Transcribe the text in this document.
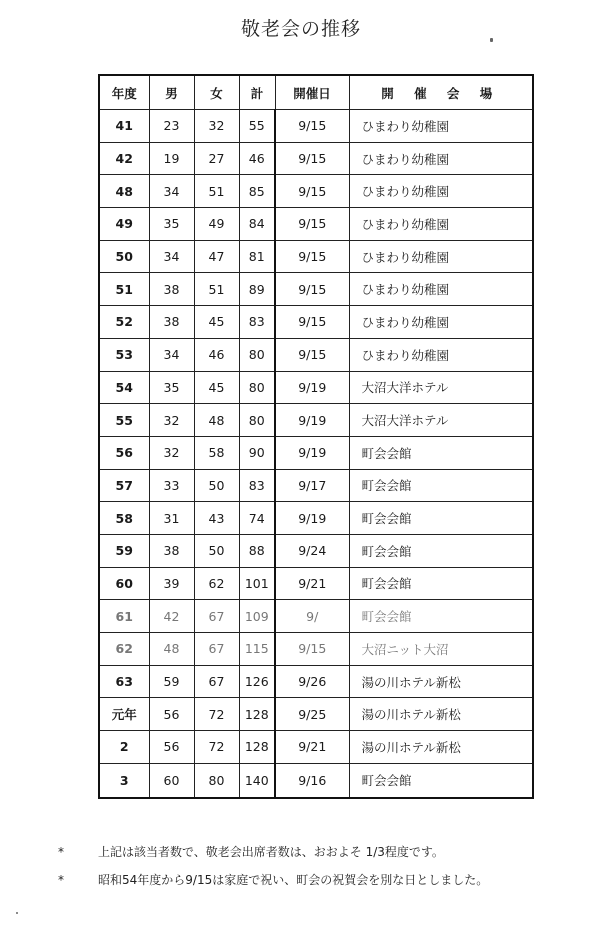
敬老会の推移
年度	男	女	計	開催日	開 催 会 場
41	23	32	55	9/15	ひまわり幼稚園
42	19	27	46	9/15	ひまわり幼稚園
48	34	51	85	9/15	ひまわり幼稚園
49	35	49	84	9/15	ひまわり幼稚園
50	34	47	81	9/15	ひまわり幼稚園
51	38	51	89	9/15	ひまわり幼稚園
52	38	45	83	9/15	ひまわり幼稚園
53	34	46	80	9/15	ひまわり幼稚園
54	35	45	80	9/19	大沼大洋ホテル
55	32	48	80	9/19	大沼大洋ホテル
56	32	58	90	9/19	町会会館
57	33	50	83	9/17	町会会館
58	31	43	74	9/19	町会会館
59	38	50	88	9/24	町会会館
60	39	62	101	9/21	町会会館
61	42	67	109	9/	町会会館
62	48	67	115	9/15	大沼ニット大沼
63	59	67	126	9/26	湯の川ホテル新松
元年	56	72	128	9/25	湯の川ホテル新松
2	56	72	128	9/21	湯の川ホテル新松
3	60	80	140	9/16	町会会館
*	上記は該当者数で、敬老会出席者数は、おおよそ 1/3程度です。
*	昭和54年度から9/15は家庭で祝い、町会の祝賀会を別な日としました。
